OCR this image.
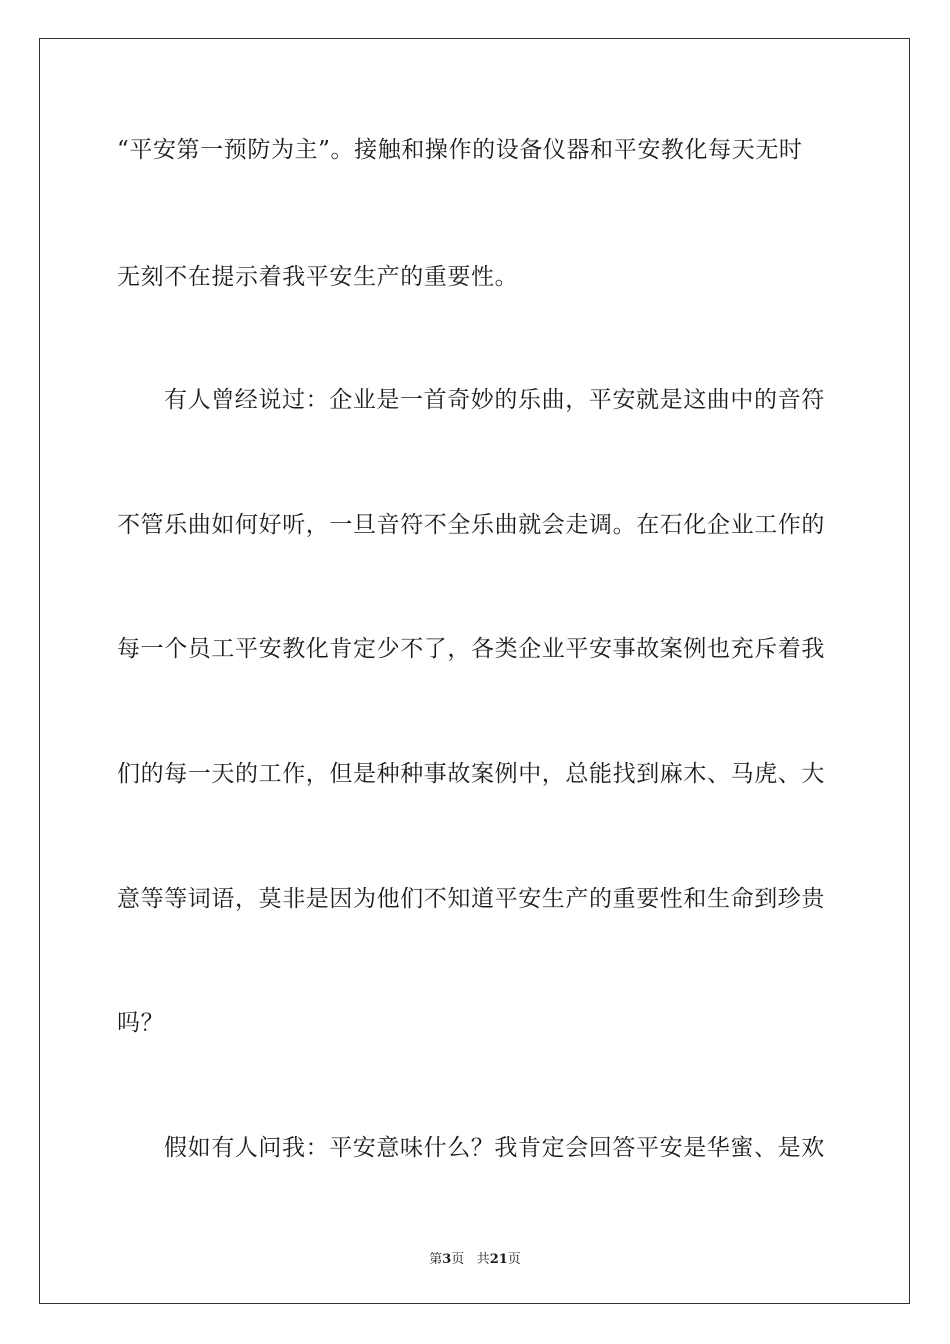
“平安第一预防为主”。接触和操作的设备仪器和平安教化每天无时

无刻不在提示着我平安生产的重要性。

有人曾经说过：企业是一首奇妙的乐曲，平安就是这曲中的音符

不管乐曲如何好听，一旦音符不全乐曲就会走调。在石化企业工作的

每一个员工平安教化肯定少不了，各类企业平安事故案例也充斥着我

们的每一天的工作，但是种种事故案例中，总能找到麻木、马虎、大

意等等词语，莫非是因为他们不知道平安生产的重要性和生命到珍贵

吗？

假如有人问我：平安意味什么？我肯定会回答平安是华蜜、是欢

第3页 共21页
